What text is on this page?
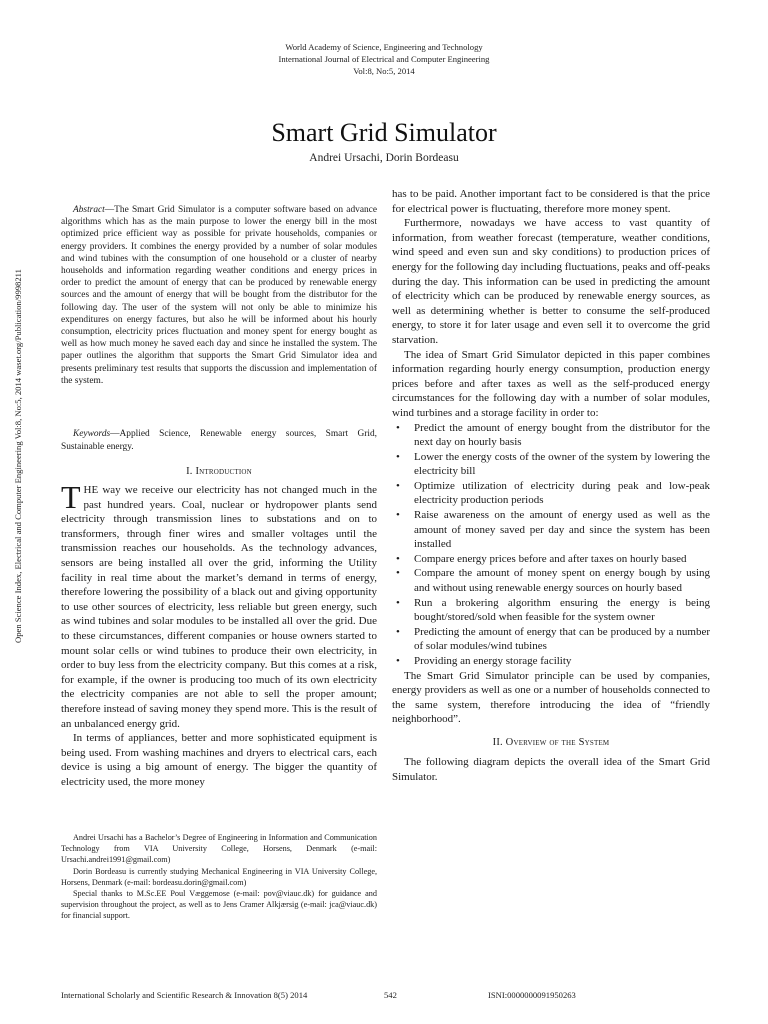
World Academy of Science, Engineering and Technology
International Journal of Electrical and Computer Engineering
Vol:8, No:5, 2014
Smart Grid Simulator
Andrei Ursachi, Dorin Bordeasu
Open Science Index, Electrical and Computer Engineering Vol:8, No:5, 2014 waset.org/Publication/9998211
Abstract—The Smart Grid Simulator is a computer software based on advance algorithms which has as the main purpose to lower the energy bill in the most optimized price efficient way as possible for private households, companies or energy providers. It combines the energy provided by a number of solar modules and wind tubines with the consumption of one household or a cluster of nearby households and information regarding weather conditions and energy prices in order to predict the amount of energy that can be produced by renewable energy sources and the amount of energy that will be bought from the distributor for the following day. The user of the system will not only be able to minimize his expenditures on energy factures, but also he will be informed about his hourly consumption, electricity prices fluctuation and money spent for energy bought as well as how much money he saved each day and since he installed the system. The paper outlines the algorithm that supports the Smart Grid Simulator idea and presents preliminary test results that supports the discussion and implementation of the system.
Keywords—Applied Science, Renewable energy sources, Smart Grid, Sustainable energy.
I. Introduction

THE way we receive our electricity has not changed much in the past hundred years. Coal, nuclear or hydropower plants send electricity through transmission lines to substations and on to transformers, through finer wires and smaller voltages until the transmission reaches our households. As the technology advances, sensors are being installed all over the grid, informing the Utility facility in real time about the market’s demand in terms of energy, therefore lowering the possibility of a black out and giving opportunity to use other sources of electricity, less reliable but green energy, such as wind tubines and solar modules to be installed all over the grid. Due to these circumstances, different companies or house owners started to mount solar cells or wind tubines to produce their own electricity, in order to buy less from the electricity company. But this comes at a risk, for example, if the owner is producing too much of its own electricity the electricity companies are not able to sell the proper amount; therefore instead of saving money they spend more. This is the result of an unbalanced energy grid.

In terms of appliances, better and more sophisticated equipment is being used. From washing machines and dryers to electrical cars, each device is using a big amount of energy. The bigger the quantity of electricity used, the more money

Andrei Ursachi has a Bachelor’s Degree of Engineering in Information and Communication Technology from VIA University College, Horsens, Denmark (e-mail: Ursachi.andrei1991@gmail.com)

Dorin Bordeasu is currently studying Mechanical Engineering in VIA University College, Horsens, Denmark (e-mail: bordeasu.dorin@gmail.com)

Special thanks to M.Sc.EE Poul Væggemose (e-mail: pov@viauc.dk) for guidance and supervision throughout the project, as well as to Jens Cramer Alkjærsig (e-mail: jca@viauc.dk) for financial support.

has to be paid. Another important fact to be considered is that the price for electrical power is fluctuating, therefore more money spent.

Furthermore, nowadays we have access to vast quantity of information, from weather forecast (temperature, weather conditions, wind speed and even sun and sky conditions) to production prices of energy for the following day including fluctuations, peaks and off-peaks during the day. This information can be used in predicting the amount of electricity which can be produced by renewable energy sources, as well as determining whether is better to consume the self-produced energy, to store it for later usage and even sell it to overcome the grid starvation.

The idea of Smart Grid Simulator depicted in this paper combines information regarding hourly energy consumption, production energy prices before and after taxes as well as the self-produced energy circumstances for the following day with a number of solar modules, wind turbines and a storage facility in order to:

• Predict the amount of energy bought from the distributor for the next day on hourly basis
• Lower the energy costs of the owner of the system by lowering the electricity bill
• Optimize utilization of electricity during peak and low-peak electricity production periods
• Raise awareness on the amount of energy used as well as the amount of money saved per day and since the system has been installed
• Compare energy prices before and after taxes on hourly based
• Compare the amount of money spent on energy bough by using and without using renewable energy sources on hourly based
• Run a brokering algorithm ensuring the energy is being bought/stored/sold when feasible for the system owner
• Predicting the amount of energy that can be produced by a number of solar modules/wind tubines
• Providing an energy storage facility

The Smart Grid Simulator principle can be used by companies, energy providers as well as one or a number of households connected to the same system, therefore introducing the idea of “friendly neighborhood”.

II. Overview of the System

The following diagram depicts the overall idea of the Smart Grid Simulator.

International Scholarly and Scientific Research & Innovation 8(5) 2014	542	ISNI:0000000091950263
